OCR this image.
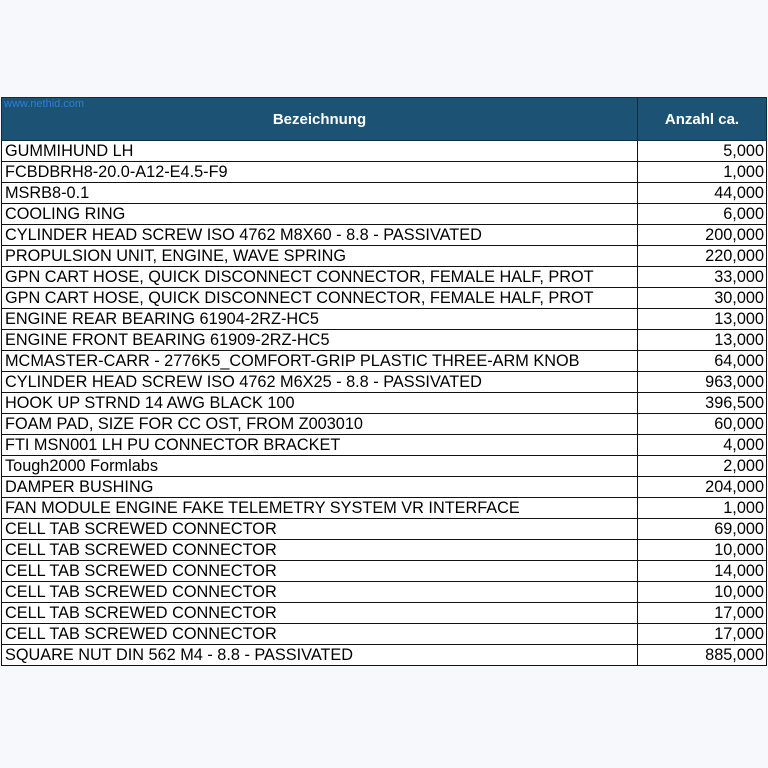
www.nethid.com
Bezeichnung	Anzahl ca.
GUMMIHUND LH	5,000
FCBDBRH8-20.0-A12-E4.5-F9	1,000
MSRB8-0.1	44,000
COOLING RING	6,000
CYLINDER HEAD SCREW ISO 4762 M8X60 - 8.8 - PASSIVATED	200,000
PROPULSION UNIT, ENGINE, WAVE SPRING	220,000
GPN CART HOSE, QUICK DISCONNECT CONNECTOR, FEMALE HALF, PROT	33,000
GPN CART HOSE, QUICK DISCONNECT CONNECTOR, FEMALE HALF, PROT	30,000
ENGINE REAR BEARING 61904-2RZ-HC5	13,000
ENGINE FRONT BEARING 61909-2RZ-HC5	13,000
MCMASTER-CARR - 2776K5_COMFORT-GRIP PLASTIC THREE-ARM KNOB	64,000
CYLINDER HEAD SCREW ISO 4762 M6X25 - 8.8 - PASSIVATED	963,000
HOOK UP STRND 14 AWG BLACK 100	396,500
FOAM PAD, SIZE FOR CC OST, FROM Z003010	60,000
FTI MSN001 LH PU CONNECTOR BRACKET	4,000
Tough2000 Formlabs	2,000
DAMPER BUSHING	204,000
FAN MODULE ENGINE FAKE TELEMETRY SYSTEM VR INTERFACE	1,000
CELL TAB SCREWED CONNECTOR	69,000
CELL TAB SCREWED CONNECTOR	10,000
CELL TAB SCREWED CONNECTOR	14,000
CELL TAB SCREWED CONNECTOR	10,000
CELL TAB SCREWED CONNECTOR	17,000
CELL TAB SCREWED CONNECTOR	17,000
SQUARE NUT DIN 562 M4 - 8.8 - PASSIVATED	885,000
